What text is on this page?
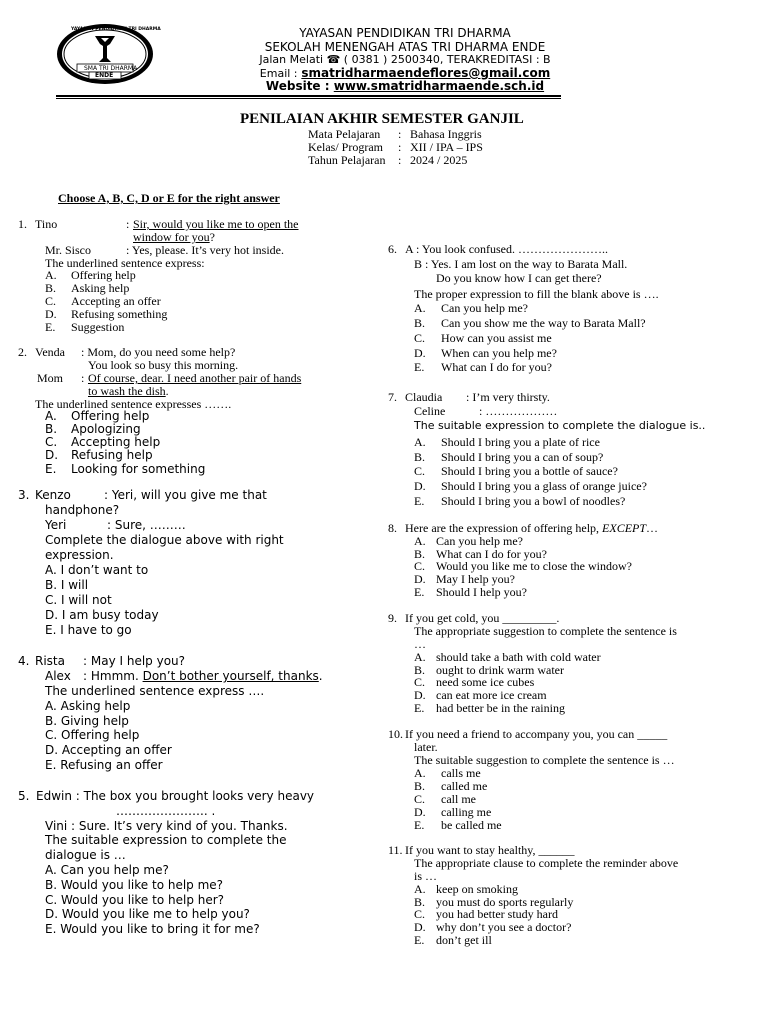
YAYASAN PENDIDIKAN TRI DHARMA
SMA TRI DHARMA
ENDE
YAYASAN PENDIDIKAN TRI DHARMA
SEKOLAH MENENGAH ATAS TRI DHARMA ENDE
Jalan Melati ☎ ( 0381 ) 2500340, TERAKREDITASI : B
Email : smatridharmaendeflores@gmail.com
Website : www.smatridharmaende.sch.id
PENILAIAN AKHIR SEMESTER GANJIL
Mata Pelajaran : Bahasa Inggris
Kelas/ Program : XII / IPA – IPS
Tahun Pelajaran : 2024 / 2025
Choose A, B, C, D or E for the right answer
1. Tino	: Sir, would you like me to open the
window for you?
Mr. Sisco	: Yes, please. It’s very hot inside.
The underlined sentence express:
A. Offering help
B. Asking help
C. Accepting an offer
D. Refusing something
E. Suggestion
2. Venda : Mom, do you need some help?
You look so busy this morning.
Mom : Of course, dear. I need another pair of hands
to wash the dish.
The underlined sentence expresses …….
A. Offering help
B. Apologizing
C. Accepting help
D. Refusing help
E. Looking for something
3. Kenzo	: Yeri, will you give me that
handphone?
Yeri	: Sure, ………
Complete the dialogue above with right
expression.
A. I don’t want to
B. I will
C. I will not
D. I am busy today
E. I have to go
4. Rista : May I help you?
Alex : Hmmm. Don’t bother yourself, thanks.
The underlined sentence express ….
A. Asking help
B. Giving help
C. Offering help
D. Accepting an offer
E. Refusing an offer
5. Edwin : The box you brought looks very heavy
………………….. .
Vini : Sure. It’s very kind of you. Thanks.
The suitable expression to complete the
dialogue is …
A. Can you help me?
B. Would you like to help me?
C. Would you like to help her?
D. Would you like me to help you?
E. Would you like to bring it for me?
6. A : You look confused. …………………..
B : Yes. I am lost on the way to Barata Mall.
Do you know how I can get there?
The proper expression to fill the blank above is ….
A. Can you help me?
B. Can you show me the way to Barata Mall?
C. How can you assist me
D. When can you help me?
E. What can I do for you?
7. Claudia : I’m very thirsty.
Celine	: ………………
The suitable expression to complete the dialogue is..
A. Should I bring you a plate of rice
B. Should I bring you a can of soup?
C. Should I bring you a bottle of sauce?
D. Should I bring you a glass of orange juice?
E. Should I bring you a bowl of noodles?
8. Here are the expression of offering help, EXCEPT…
A. Can you help me?
B. What can I do for you?
C. Would you like me to close the window?
D. May I help you?
E. Should I help you?
9. If you get cold, you _________.
The appropriate suggestion to complete the sentence is
…
A. should take a bath with cold water
B. ought to drink warm water
C. need some ice cubes
D. can eat more ice cream
E. had better be in the raining
10. If you need a friend to accompany you, you can _____
later.
The suitable suggestion to complete the sentence is …
A. calls me
B. called me
C. call me
D. calling me
E. be called me
11. If you want to stay healthy, ______
The appropriate clause to complete the reminder above
is …
A. keep on smoking
B. you must do sports regularly
C. you had better study hard
D. why don’t you see a doctor?
E. don’t get ill
